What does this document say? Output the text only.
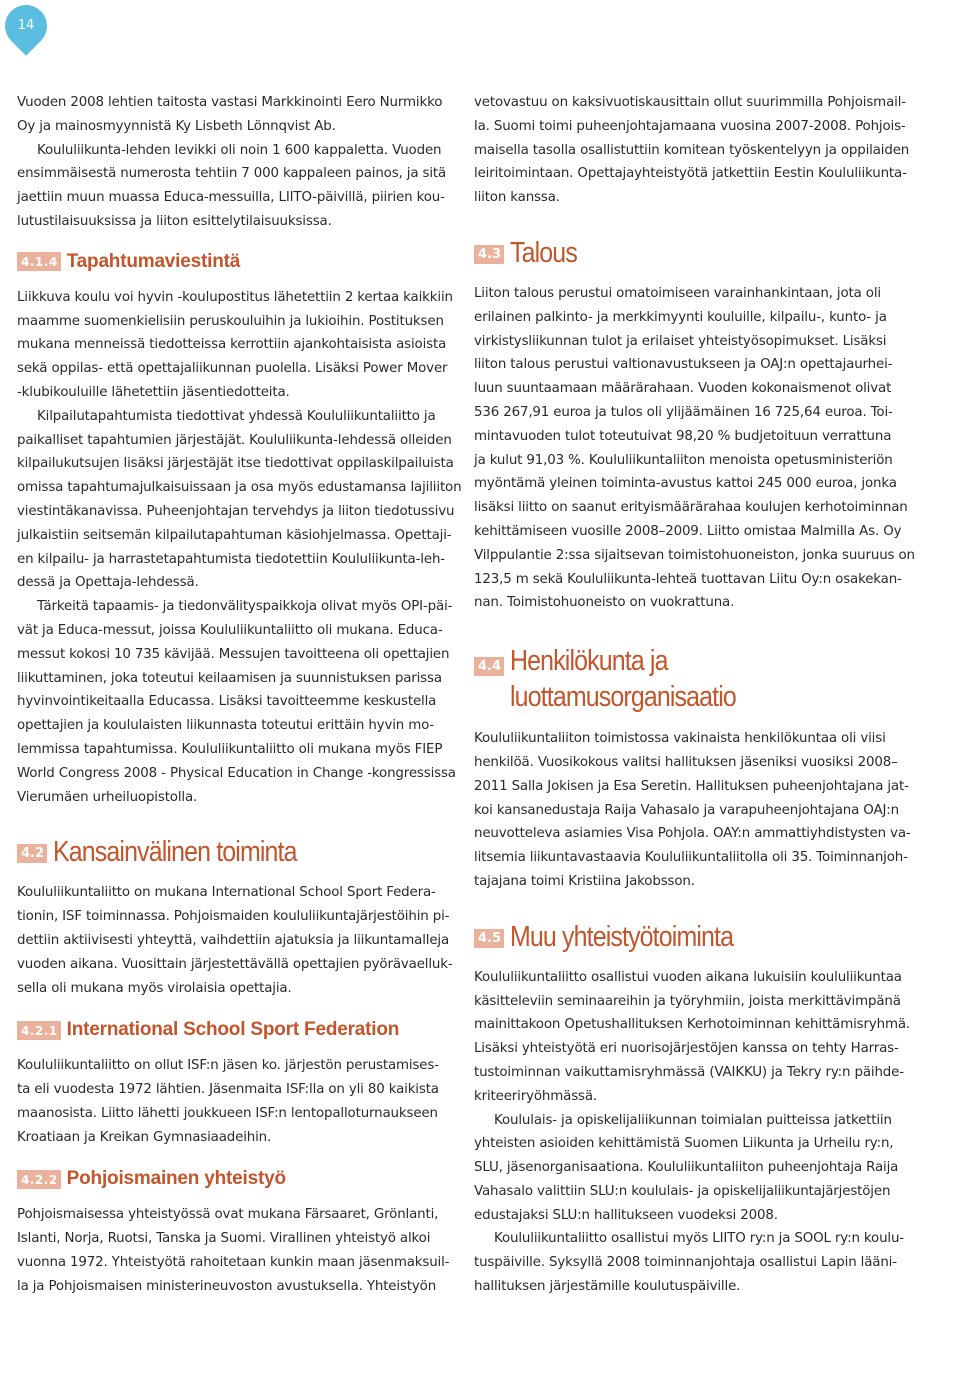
14

Vuoden 2008 lehtien taitosta vastasi Markkinointi Eero Nurmikko
Oy ja mainosmyynnistä Ky Lisbeth Lönnqvist Ab.

Koululiikunta-lehden levikki oli noin 1 600 kappaletta. Vuoden
ensimmäisestä numerosta tehtiin 7 000 kappaleen painos, ja sitä
jaettiin muun muassa Educa-messuilla, LIITO-päivillä, piirien kou-
lutustilaisuuksissa ja liiton esittelytilaisuuksissa.

4.1.4 Tapahtumaviestintä

Liikkuva koulu voi hyvin -koulupostitus lähetettiin 2 kertaa kaikkiin
maamme suomenkielisiin peruskouluihin ja lukioihin. Postituksen
mukana menneissä tiedotteissa kerrottiin ajankohtaisista asioista
sekä oppilas- että opettajaliikunnan puolella. Lisäksi Power Mover
-klubikouluille lähetettiin jäsentiedotteita.

Kilpailutapahtumista tiedottivat yhdessä Koululiikuntaliitto ja
paikalliset tapahtumien järjestäjät. Koululiikunta-lehdessä olleiden
kilpailukutsujen lisäksi järjestäjät itse tiedottivat oppilaskilpailuista
omissa tapahtumajulkaisuissaan ja osa myös edustamansa lajiliiton
viestintäkanavissa. Puheenjohtajan tervehdys ja liiton tiedotussivu
julkaistiin seitsemän kilpailutapahtuman käsiohjelmassa. Opettaji-
en kilpailu- ja harrastetapahtumista tiedotettiin Koululiikunta-leh-
dessä ja Opettaja-lehdessä.

Tärkeitä tapaamis- ja tiedonvälityspaikkoja olivat myös OPI-päi-
vät ja Educa-messut, joissa Koululiikuntaliitto oli mukana. Educa-
messut kokosi 10 735 kävijää. Messujen tavoitteena oli opettajien
liikuttaminen, joka toteutui keilaamisen ja suunnistuksen parissa
hyvinvointikeitaalla Educassa. Lisäksi tavoitteemme keskustella
opettajien ja koululaisten liikunnasta toteutui erittäin hyvin mo-
lemmissa tapahtumissa. Koululiikuntaliitto oli mukana myös FIEP
World Congress 2008 - Physical Education in Change -kongressissa
Vierumäen urheiluopistolla.

4.2 Kansainvälinen toiminta

Koululiikuntaliitto on mukana International School Sport Federa-
tionin, ISF toiminnassa. Pohjoismaiden koululiikuntajärjestöihin pi-
dettiin aktiivisesti yhteyttä, vaihdettiin ajatuksia ja liikuntamalleja
vuoden aikana. Vuosittain järjestettävällä opettajien pyörävaelluk-
sella oli mukana myös virolaisia opettajia.

4.2.1 International School Sport Federation

Koululiikuntaliitto on ollut ISF:n jäsen ko. järjestön perustamises-
ta eli vuodesta 1972 lähtien. Jäsenmaita ISF:lla on yli 80 kaikista
maanosista. Liitto lähetti joukkueen ISF:n lentopalloturnaukseen
Kroatiaan ja Kreikan Gymnasiaadeihin.

4.2.2 Pohjoismainen yhteistyö

Pohjoismaisessa yhteistyössä ovat mukana Färsaaret, Grönlanti,
Islanti, Norja, Ruotsi, Tanska ja Suomi. Virallinen yhteistyö alkoi
vuonna 1972. Yhteistyötä rahoitetaan kunkin maan jäsenmaksuil-
la ja Pohjoismaisen ministerineuvoston avustuksella. Yhteistyön

vetovastuu on kaksivuotiskausittain ollut suurimmilla Pohjoismail-
la. Suomi toimi puheenjohtajamaana vuosina 2007-2008. Pohjois-
maisella tasolla osallistuttiin komitean työskentelyyn ja oppilaiden
leiritoimintaan. Opettajayhteistyötä jatkettiin Eestin Koululiikunta-
liiton kanssa.

4.3 Talous

Liiton talous perustui omatoimiseen varainhankintaan, jota oli
erilainen palkinto- ja merkkimyynti kouluille, kilpailu-, kunto- ja
virkistysliikunnan tulot ja erilaiset yhteistyösopimukset. Lisäksi
liiton talous perustui valtionavustukseen ja OAJ:n opettajaurhei-
luun suuntaamaan määrärahaan. Vuoden kokonaismenot olivat
536 267,91 euroa ja tulos oli ylijäämäinen 16 725,64 euroa. Toi-
mintavuoden tulot toteutuivat 98,20 % budjetoituun verrattuna
ja kulut 91,03 %. Koululiikuntaliiton menoista opetusministeriön
myöntämä yleinen toiminta-avustus kattoi 245 000 euroa, jonka
lisäksi liitto on saanut erityismäärärahaa koulujen kerhotoiminnan
kehittämiseen vuosille 2008–2009. Liitto omistaa Malmilla As. Oy
Vilppulantie 2:ssa sijaitsevan toimistohuoneiston, jonka suuruus on
123,5 m sekä Koululiikunta-lehteä tuottavan Liitu Oy:n osakekan-
nan. Toimistohuoneisto on vuokrattuna.

4.4 Henkilökunta ja luottamusorganisaatio

Koululiikuntaliiton toimistossa vakinaista henkilökuntaa oli viisi
henkilöä. Vuosikokous valitsi hallituksen jäseniksi vuosiksi 2008–
2011 Salla Jokisen ja Esa Seretin. Hallituksen puheenjohtajana jat-
koi kansanedustaja Raija Vahasalo ja varapuheenjohtajana OAJ:n
neuvotteleva asiamies Visa Pohjola. OAY:n ammattiyhdistysten va-
litsemia liikuntavastaavia Koululiikuntaliitolla oli 35. Toiminnanjoh-
tajajana toimi Kristiina Jakobsson.

4.5 Muu yhteistyötoiminta

Koululiikuntaliitto osallistui vuoden aikana lukuisiin koululiikuntaa
käsitteleviin seminaareihin ja työryhmiin, joista merkittävimpänä
mainittakoon Opetushallituksen Kerhotoiminnan kehittämisryhmä.
Lisäksi yhteistyötä eri nuorisojärjestöjen kanssa on tehty Harras-
tustoiminnan vaikuttamisryhmässä (VAIKKU) ja Tekry ry:n päihde-
kriteeriryöhmässä.

Koululais- ja opiskelijaliikunnan toimialan puitteissa jatkettiin
yhteisten asioiden kehittämistä Suomen Liikunta ja Urheilu ry:n,
SLU, jäsenorganisaationa. Koululiikuntaliiton puheenjohtaja Raija
Vahasalo valittiin SLU:n koululais- ja opiskelijaliikuntajärjestöjen
edustajaksi SLU:n hallitukseen vuodeksi 2008.

Koululiikuntaliitto osallistui myös LIITO ry:n ja SOOL ry:n koulu-
tuspäiville. Syksyllä 2008 toiminnanjohtaja osallistui Lapin lääni-
hallituksen järjestämille koulutuspäiville.
